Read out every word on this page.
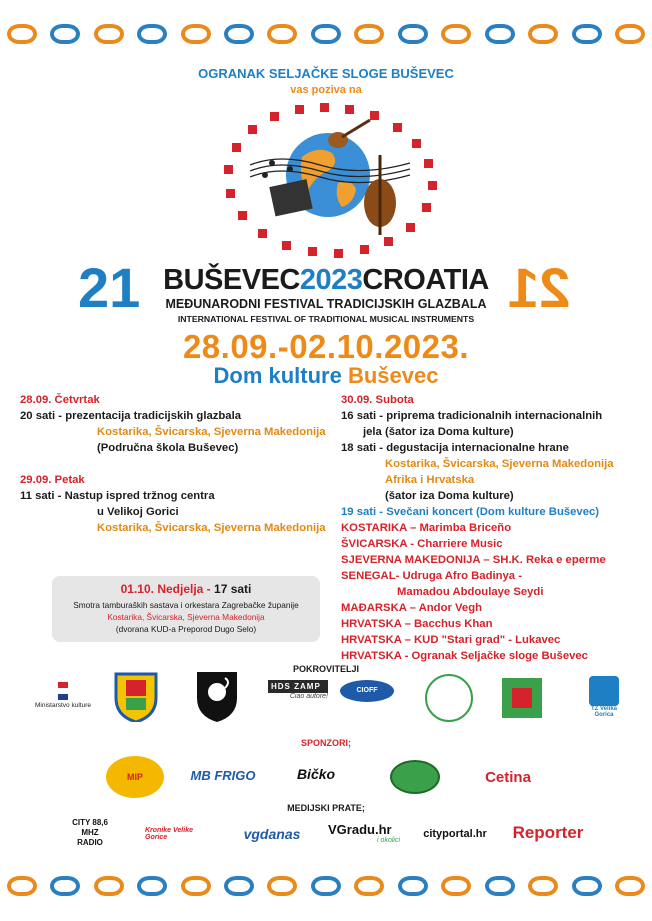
OGRANAK SELJAČKE SLOGE BUŠEVEC
vas poziva na
21	21
BUŠEVEC2023CROATIA
MEĐUNARODNI FESTIVAL TRADICIJSKIH GLAZBALA
INTERNATIONAL FESTIVAL OF TRADITIONAL MUSICAL INSTRUMENTS
28.09.-02.10.2023.
Dom kulture Buševec
28.09. Četvrtak
20 sati - prezentacija tradicijskih glazbala
Kostarika, Švicarska, Sjeverna Makedonija
(Područna škola Buševec)
29.09. Petak
11 sati - Nastup ispred tržnog centra
u Velikoj Gorici
Kostarika, Švicarska, Sjeverna Makedonija
01.10. Nedjelja - 17 sati
Smotra tamburaških sastava i orkestara Zagrebačke županije
Kostarika, Švicarska, Sjeverna Makedonija
(dvorana KUD-a Preporod Dugo Selo)
30.09. Subota
16 sati - priprema tradicionalnih internacionalnih
jela (šator iza Doma kulture)
18 sati - degustacija internacionalne hrane
Kostarika, Švicarska, Sjeverna Makedonija
Afrika i Hrvatska
(šator iza Doma kulture)
19 sati - Svečani koncert (Dom kulture Buševec)
KOSTARIKA – Marimba Briceño
ŠVICARSKA - Charriere Music
SJEVERNA MAKEDONIJA – SH.K. Reka e eperme
SENEGAL- Udruga Afro Badinya -
Mamadou Abdoulaye Seydi
MAĐARSKA – Andor Vegh
HRVATSKA – Bacchus Khan
HRVATSKA – KUD "Stari grad" - Lukavec
HRVATSKA - Ogranak Seljačke sloge Buševec
POKROVITELJI
Ministarstvo kulture
HDS ZAMP
Ciao autore!
CIOFF CROATIA	TZ Velika Gorica
SPONZORI;
MIP	MB FRIGO	Bičko	Cetina
MEDIJSKI PRATE;
CITY 88,6 MHZ RADIO
Kronike Velike Gorice	vgdanas	VGradu.hr
i okolici
cityportal.hr Reporter
